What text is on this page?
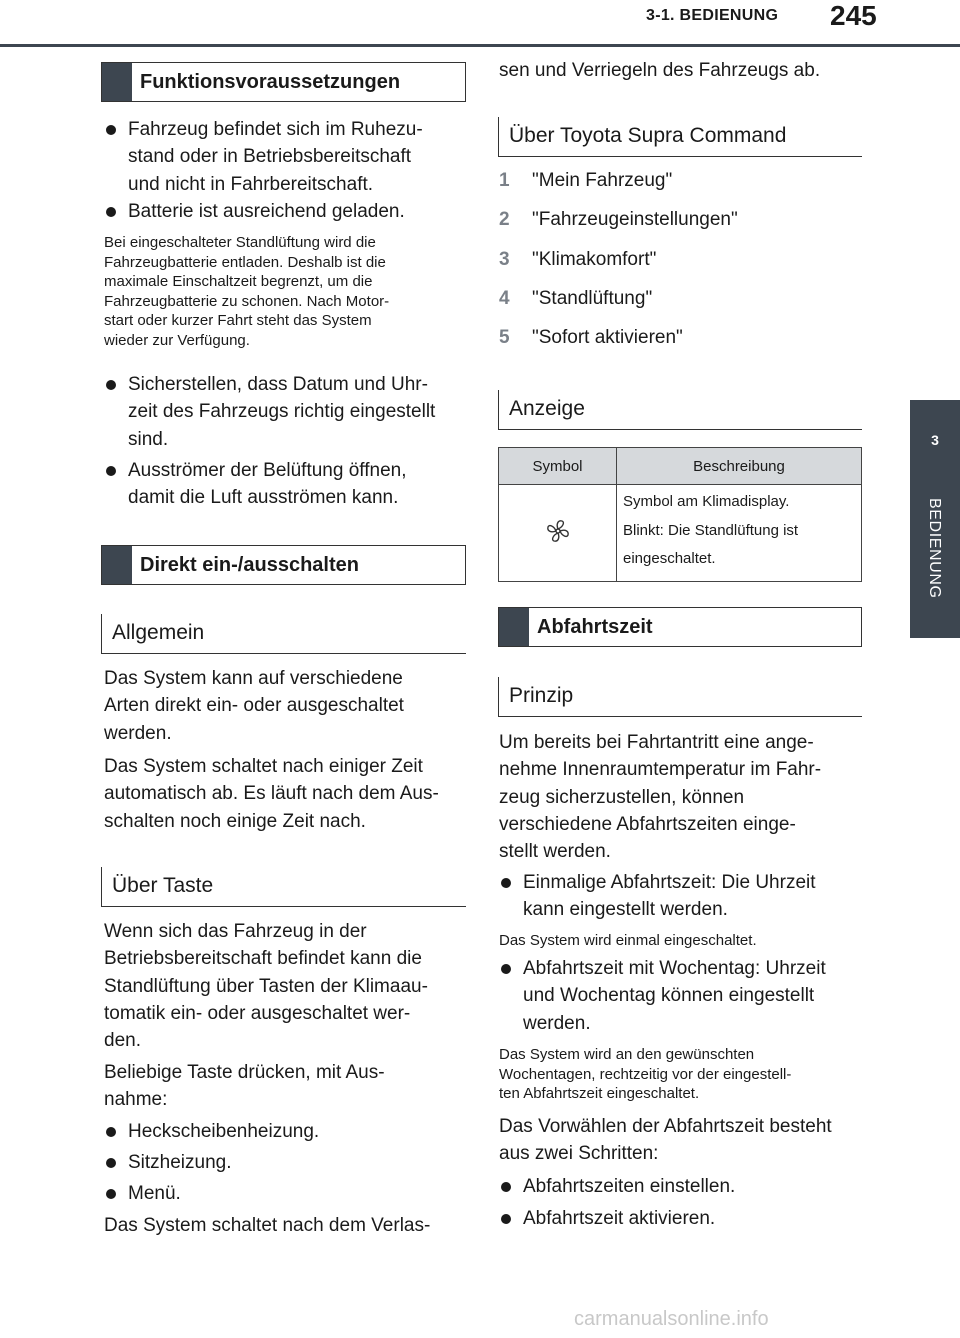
3-1. BEDIENUNG 245
3
BEDIENUNG
Funktionsvoraussetzungen
Fahrzeug befindet sich im Ruhezu-
stand oder in Betriebsbereitschaft
und nicht in Fahrbereitschaft.
Batterie ist ausreichend geladen.
Bei eingeschalteter Standlüftung wird die
Fahrzeugbatterie entladen. Deshalb ist die
maximale Einschaltzeit begrenzt, um die
Fahrzeugbatterie zu schonen. Nach Motor-
start oder kurzer Fahrt steht das System
wieder zur Verfügung.
Sicherstellen, dass Datum und Uhr-
zeit des Fahrzeugs richtig eingestellt
sind.
Ausströmer der Belüftung öffnen,
damit die Luft ausströmen kann.
Direkt ein-/ausschalten
Allgemein
Das System kann auf verschiedene
Arten direkt ein- oder ausgeschaltet
werden.
Das System schaltet nach einiger Zeit
automatisch ab. Es läuft nach dem Aus-
schalten noch einige Zeit nach.
Über Taste
Wenn sich das Fahrzeug in der
Betriebsbereitschaft befindet kann die
Standlüftung über Tasten der Klimaau-
tomatik ein- oder ausgeschaltet wer-
den.
Beliebige Taste drücken, mit Aus-
nahme:
Heckscheibenheizung.
Sitzheizung.
Menü.
Das System schaltet nach dem Verlas-
sen und Verriegeln des Fahrzeugs ab.
Über Toyota Supra Command
1 "Mein Fahrzeug"
2 "Fahrzeugeinstellungen"
3 "Klimakomfort"
4 "Standlüftung"
5 "Sofort aktivieren"
Anzeige
Symbol	Beschreibung

Symbol am Klimadisplay.
Blinkt: Die Standlüftung ist
eingeschaltet.
Abfahrtszeit
Prinzip
Um bereits bei Fahrtantritt eine ange-
nehme Innenraumtemperatur im Fahr-
zeug sicherzustellen, können
verschiedene Abfahrtszeiten einge-
stellt werden.
Einmalige Abfahrtszeit: Die Uhrzeit
kann eingestellt werden.
Das System wird einmal eingeschaltet.
Abfahrtszeit mit Wochentag: Uhrzeit
und Wochentag können eingestellt
werden.
Das System wird an den gewünschten
Wochentagen, rechtzeitig vor der eingestell-
ten Abfahrtszeit eingeschaltet.
Das Vorwählen der Abfahrtszeit besteht
aus zwei Schritten:
Abfahrtszeiten einstellen.
Abfahrtszeit aktivieren.
carmanualsonline.info
